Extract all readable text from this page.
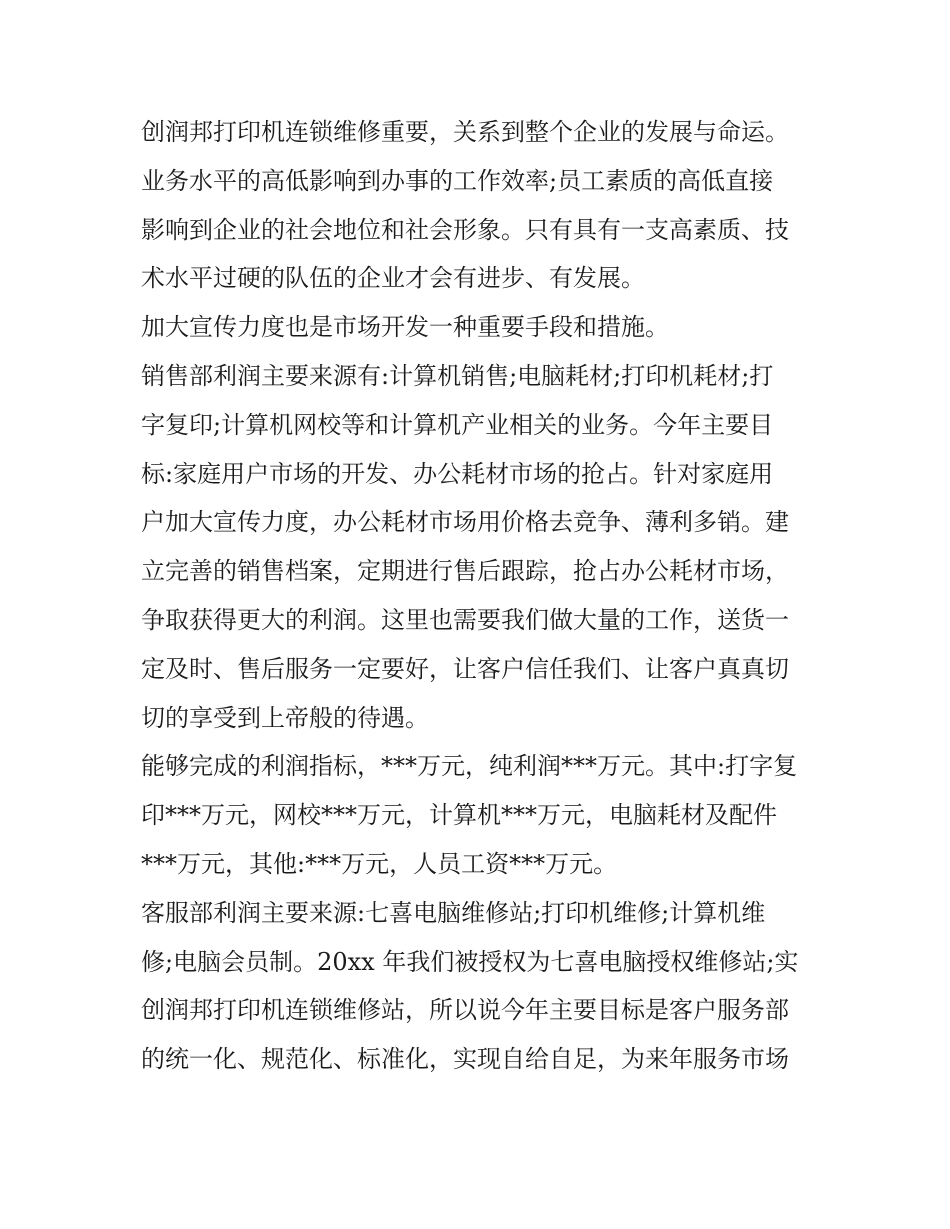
创润邦打印机连锁维修重要，关系到整个企业的发展与命运。
业务水平的高低影响到办事的工作效率;员工素质的高低直接
影响到企业的社会地位和社会形象。只有具有一支高素质、技
术水平过硬的队伍的企业才会有进步、有发展。
加大宣传力度也是市场开发一种重要手段和措施。
销售部利润主要来源有:计算机销售;电脑耗材;打印机耗材;打
字复印;计算机网校等和计算机产业相关的业务。今年主要目
标:家庭用户市场的开发、办公耗材市场的抢占。针对家庭用
户加大宣传力度，办公耗材市场用价格去竞争、薄利多销。建
立完善的销售档案，定期进行售后跟踪，抢占办公耗材市场，
争取获得更大的利润。这里也需要我们做大量的工作，送货一
定及时、售后服务一定要好，让客户信任我们、让客户真真切
切的享受到上帝般的待遇。
能够完成的利润指标，***万元，纯利润***万元。其中:打字复
印***万元，网校***万元，计算机***万元，电脑耗材及配件
***万元，其他:***万元，人员工资***万元。
客服部利润主要来源:七喜电脑维修站;打印机维修;计算机维
修;电脑会员制。20xx 年我们被授权为七喜电脑授权维修站;实
创润邦打印机连锁维修站，所以说今年主要目标是客户服务部
的统一化、规范化、标准化，实现自给自足，为来年服务市场
